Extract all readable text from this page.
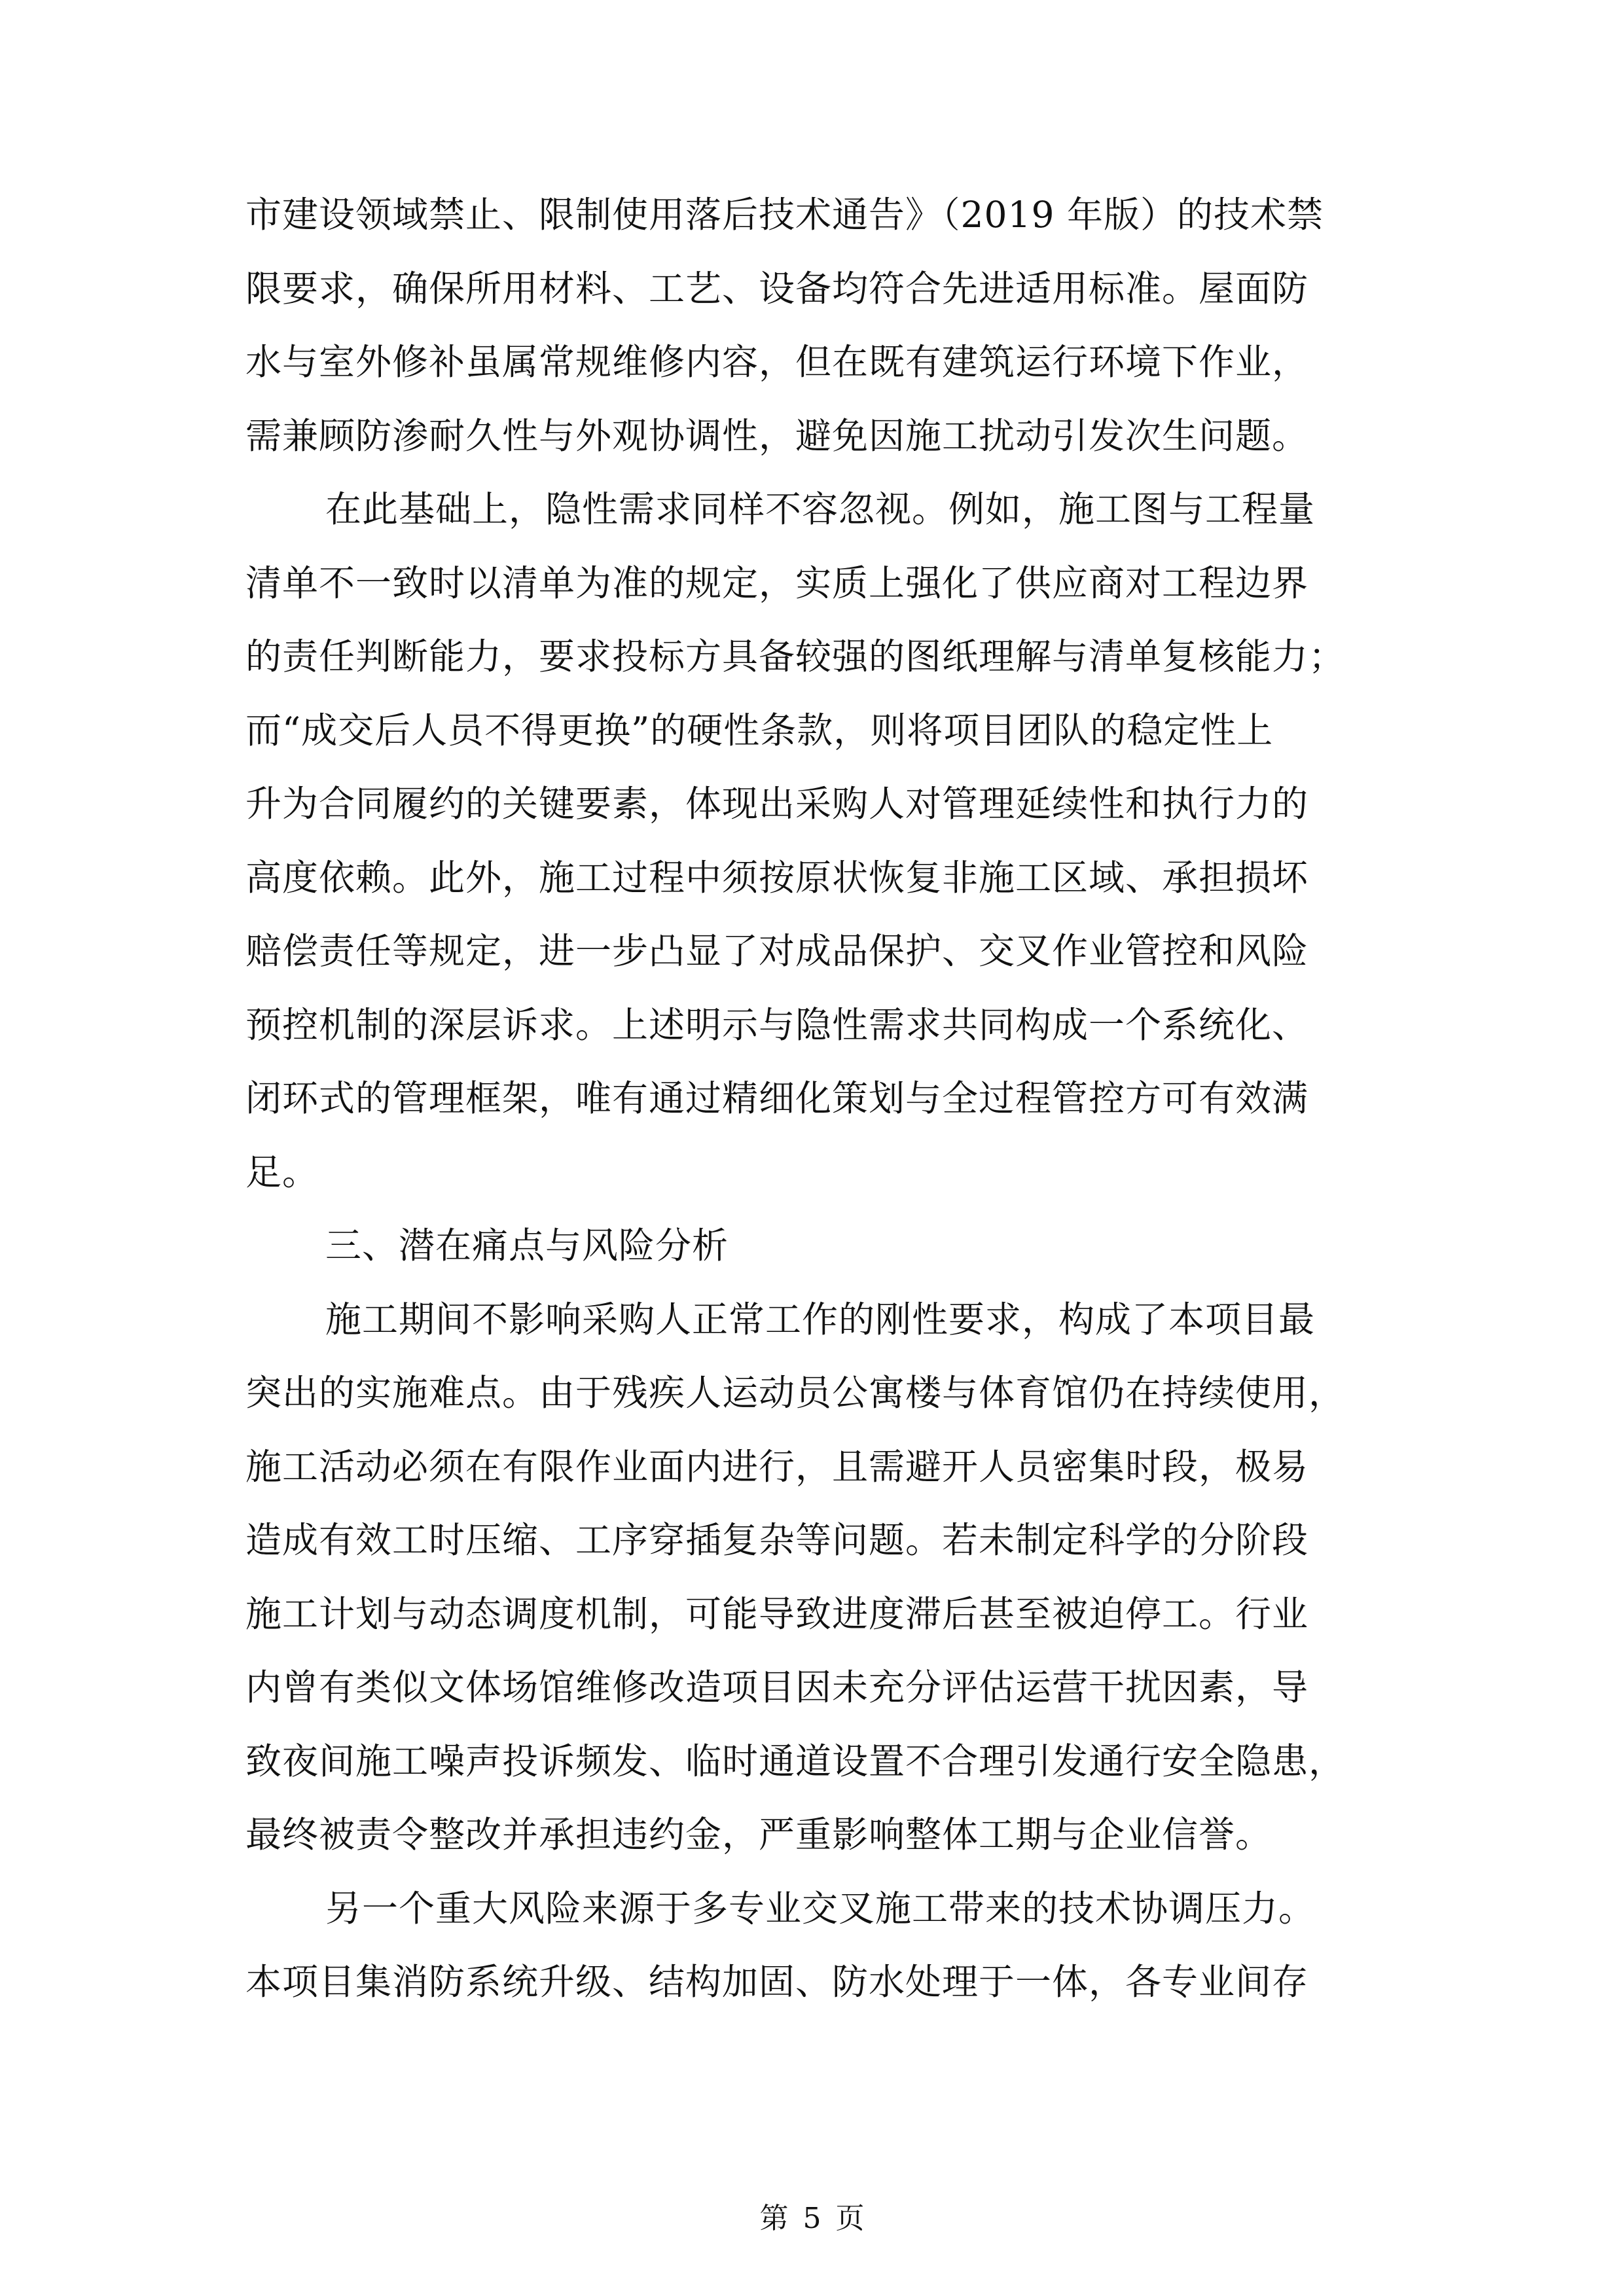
市建设领域禁止、限制使用落后技术通告》（2019 年版）的技术禁
限要求，确保所用材料、工艺、设备均符合先进适用标准。屋面防
水与室外修补虽属常规维修内容，但在既有建筑运行环境下作业，
需兼顾防渗耐久性与外观协调性，避免因施工扰动引发次生问题。
在此基础上，隐性需求同样不容忽视。例如，施工图与工程量
清单不一致时以清单为准的规定，实质上强化了供应商对工程边界
的责任判断能力，要求投标方具备较强的图纸理解与清单复核能力；
而“成交后人员不得更换”的硬性条款，则将项目团队的稳定性上
升为合同履约的关键要素，体现出采购人对管理延续性和执行力的
高度依赖。此外，施工过程中须按原状恢复非施工区域、承担损坏
赔偿责任等规定，进一步凸显了对成品保护、交叉作业管控和风险
预控机制的深层诉求。上述明示与隐性需求共同构成一个系统化、
闭环式的管理框架，唯有通过精细化策划与全过程管控方可有效满
足。
三、潜在痛点与风险分析
施工期间不影响采购人正常工作的刚性要求，构成了本项目最
突出的实施难点。由于残疾人运动员公寓楼与体育馆仍在持续使用，
施工活动必须在有限作业面内进行，且需避开人员密集时段，极易
造成有效工时压缩、工序穿插复杂等问题。若未制定科学的分阶段
施工计划与动态调度机制，可能导致进度滞后甚至被迫停工。行业
内曾有类似文体场馆维修改造项目因未充分评估运营干扰因素，导
致夜间施工噪声投诉频发、临时通道设置不合理引发通行安全隐患，
最终被责令整改并承担违约金，严重影响整体工期与企业信誉。
另一个重大风险来源于多专业交叉施工带来的技术协调压力。
本项目集消防系统升级、结构加固、防水处理于一体，各专业间存
第 5 页
